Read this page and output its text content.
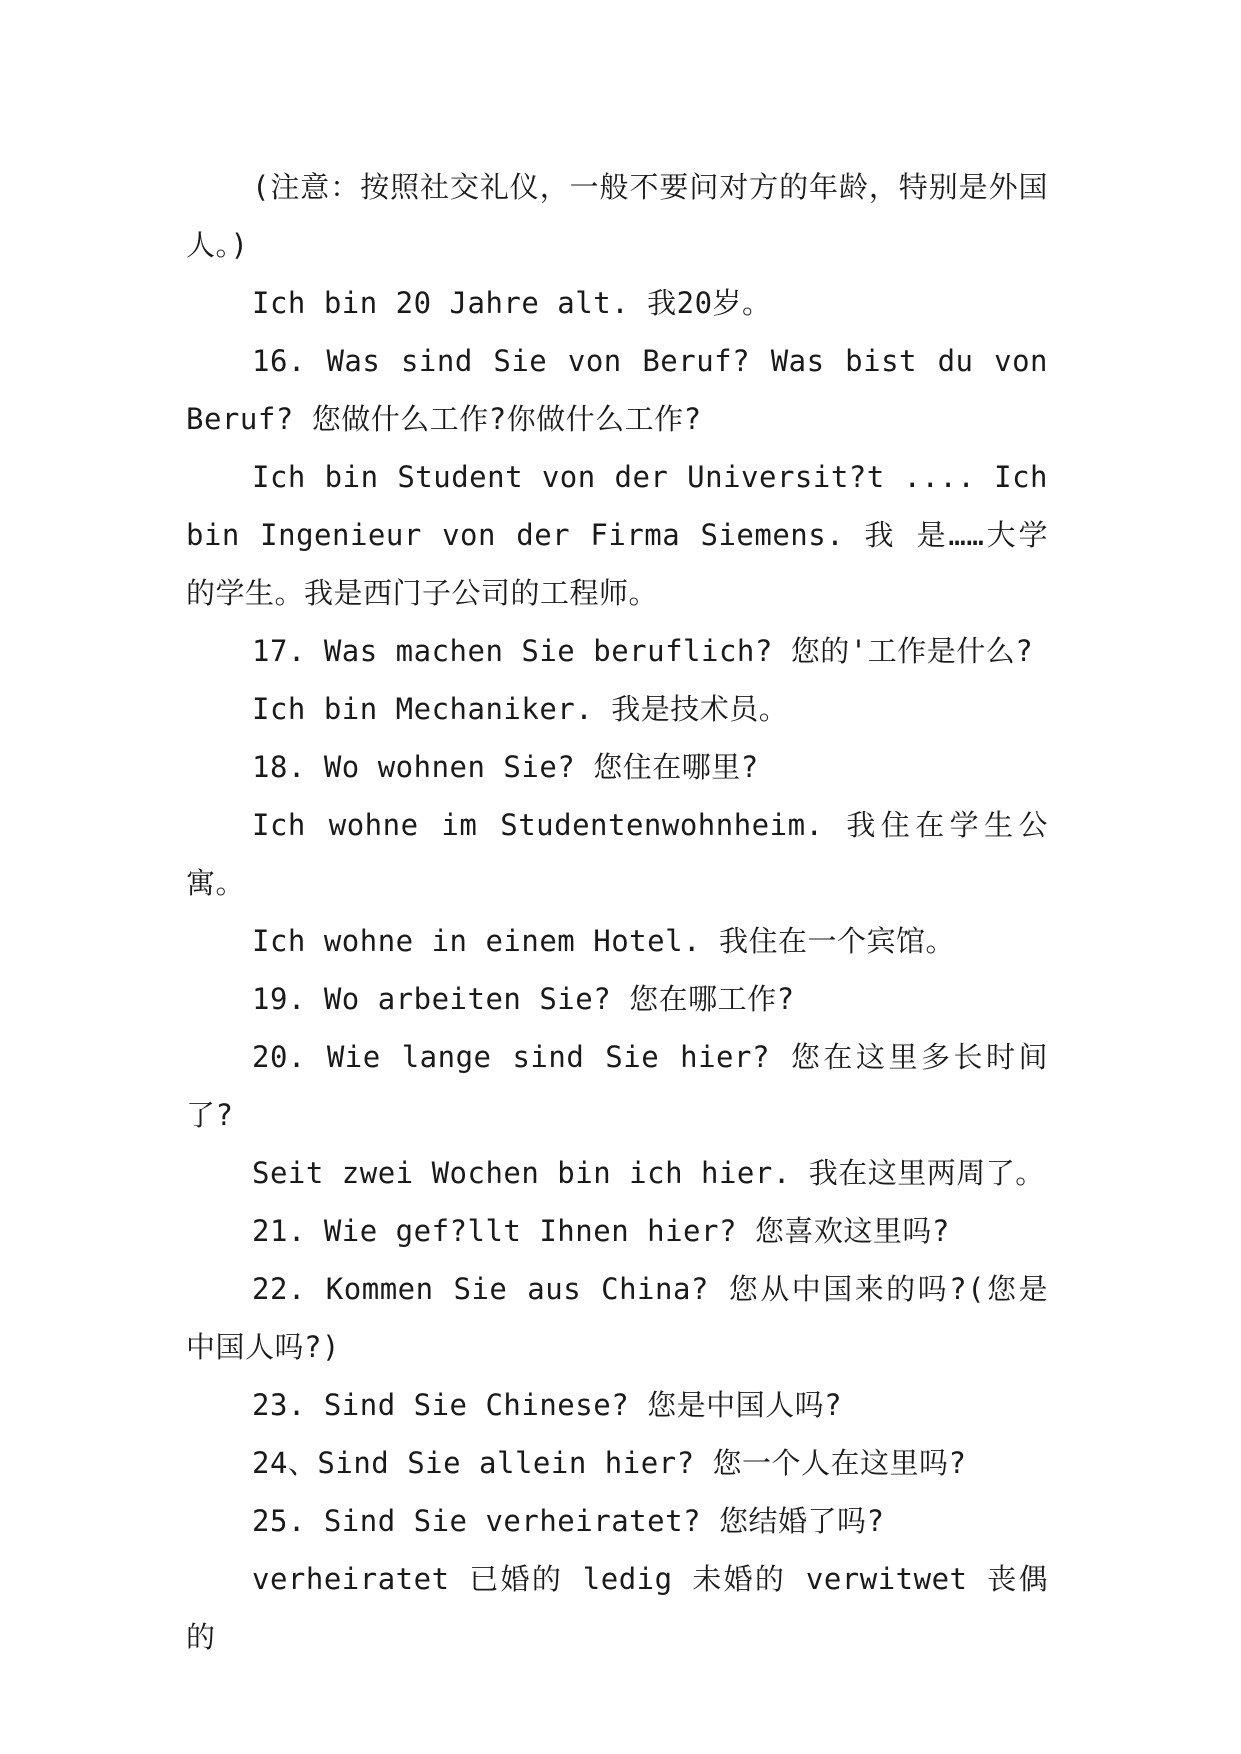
(注意：按照社交礼仪，一般不要问对方的年龄，特别是外国人。)

Ich bin 20 Jahre alt. 我20岁。

16. Was sind Sie von Beruf? Was bist du von Beruf? 您做什么工作?你做什么工作?

Ich bin Student von der Universit?t .... Ich bin Ingenieur von der Firma Siemens. 我 是……大学的学生。我是西门子公司的工程师。

17. Was machen Sie beruflich? 您的'工作是什么?

Ich bin Mechaniker. 我是技术员。

18. Wo wohnen Sie? 您住在哪里?

Ich wohne im Studentenwohnheim. 我住在学生公寓。

Ich wohne in einem Hotel. 我住在一个宾馆。

19. Wo arbeiten Sie? 您在哪工作?

20. Wie lange sind Sie hier? 您在这里多长时间了?

Seit zwei Wochen bin ich hier. 我在这里两周了。

21. Wie gef?llt Ihnen hier? 您喜欢这里吗?

22. Kommen Sie aus China? 您从中国来的吗?(您是中国人吗?)

23. Sind Sie Chinese? 您是中国人吗?

24、Sind Sie allein hier? 您一个人在这里吗?

25. Sind Sie verheiratet? 您结婚了吗?

verheiratet 已婚的 ledig 未婚的 verwitwet 丧偶的
